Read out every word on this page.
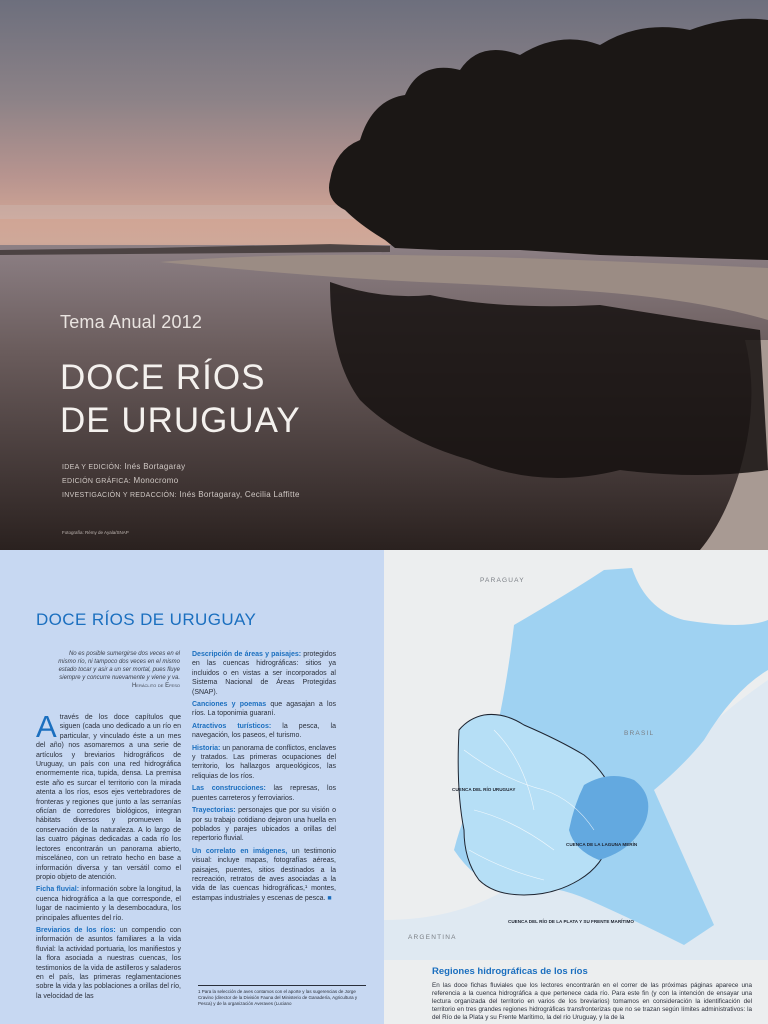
Tema Anual 2012
DOCE RÍOS
DE URUGUAY
IDEA Y EDICIÓN: Inés Bortagaray
EDICIÓN GRÁFICA: Monocromo
INVESTIGACIÓN Y REDACCIÓN: Inés Bortagaray, Cecilia Laffitte
Fotografía: Rémy de Ayala/SNAP
DOCE RÍOS DE URUGUAY
No es posible sumergirse dos veces en el mismo río, ni tampoco dos veces en el mismo estado tocar y asir a un ser mortal, pues fluye siempre y concurre nuevamente y viene y va.
Heráclito de Efeso

Através de los doce capítulos que siguen (cada uno dedicado a un río en particular, y vinculado éste a un mes del año) nos asomaremos a una serie de artículos y breviarios hidrográficos de Uruguay, un país con una red hidrográfica enormemente rica, tupida, densa. La premisa este año es surcar el territorio con la mirada atenta a los ríos, esos ejes vertebradores de fronteras y regiones que junto a las serranías oficían de corredores biológicos, integran hábitats diversos y promueven la conservación de la naturaleza. A lo largo de las cuatro páginas dedicadas a cada río los lectores encontrarán un panorama abierto, misceláneo, con un retrato hecho en base a información diversa y tan versátil como el propio objeto de atención.

Ficha fluvial: información sobre la longitud, la cuenca hidrográfica a la que corresponde, el lugar de nacimiento y la desembocadura, los principales afluentes del río.

Breviarios de los ríos: un compendio con información de asuntos familiares a la vida fluvial: la actividad portuaria, los manifiestos y la flora asociada a nuestras cuencas, los testimonios de la vida de astilleros y saladeros en el país, las primeras reglamentaciones sobre la vida y las poblaciones a orillas del río, la velocidad de las

Descripción de áreas y paisajes: protegidos en las cuencas hidrográficas: sitios ya incluidos o en vistas a ser incorporados al Sistema Nacional de Áreas Protegidas (SNAP).

Canciones y poemas que agasajan a los ríos. La toponimia guaraní.

Atractivos turísticos: la pesca, la navegación, los paseos, el turismo.

Historia: un panorama de conflictos, enclaves y tratados. Las primeras ocupaciones del territorio, los hallazgos arqueológicos, las reliquias de los ríos.

Las construcciones: las represas, los puentes carreteros y ferroviarios.

Trayectorias: personajes que por su visión o por su trabajo cotidiano dejaron una huella en poblados y parajes ubicados a orillas del repertorio fluvial.

Un correlato en imágenes, un testimonio visual: incluye mapas, fotografías aéreas, paisajes, puentes, sitios destinados a la recreación, retratos de aves asociadas a la vida de las cuencas hidrográficas,¹ montes, estampas industriales y escenas de pesca. ■

1 Para la selección de aves contamos con el aporte y las sugerencias de Jorge Cravino (director de la División Fauna del Ministerio de Ganadería, Agricultura y Pesca) y de la organización Averaves (Luciano
PARAGUAY
BRASIL
ARGENTINA
CUENCA DEL RÍO URUGUAY
CUENCA DE LA LAGUNA MERÍN
CUENCA DEL RÍO DE LA PLATA Y SU FRENTE MARÍTIMO
Regiones hidrográficas de los ríos
En las doce fichas fluviales que los lectores encontrarán en el correr de las próximas páginas aparece una referencia a la cuenca hidrográfica a que pertenece cada río. Para este fin (y con la intención de ensayar una lectura organizada del territorio en varios de los breviarios) tomamos en consideración la identificación del territorio en tres grandes regiones hidrográficas transfronterizas que no se trazan según límites administrativos: la del Río de la Plata y su Frente Marítimo, la del río Uruguay, y la de la
